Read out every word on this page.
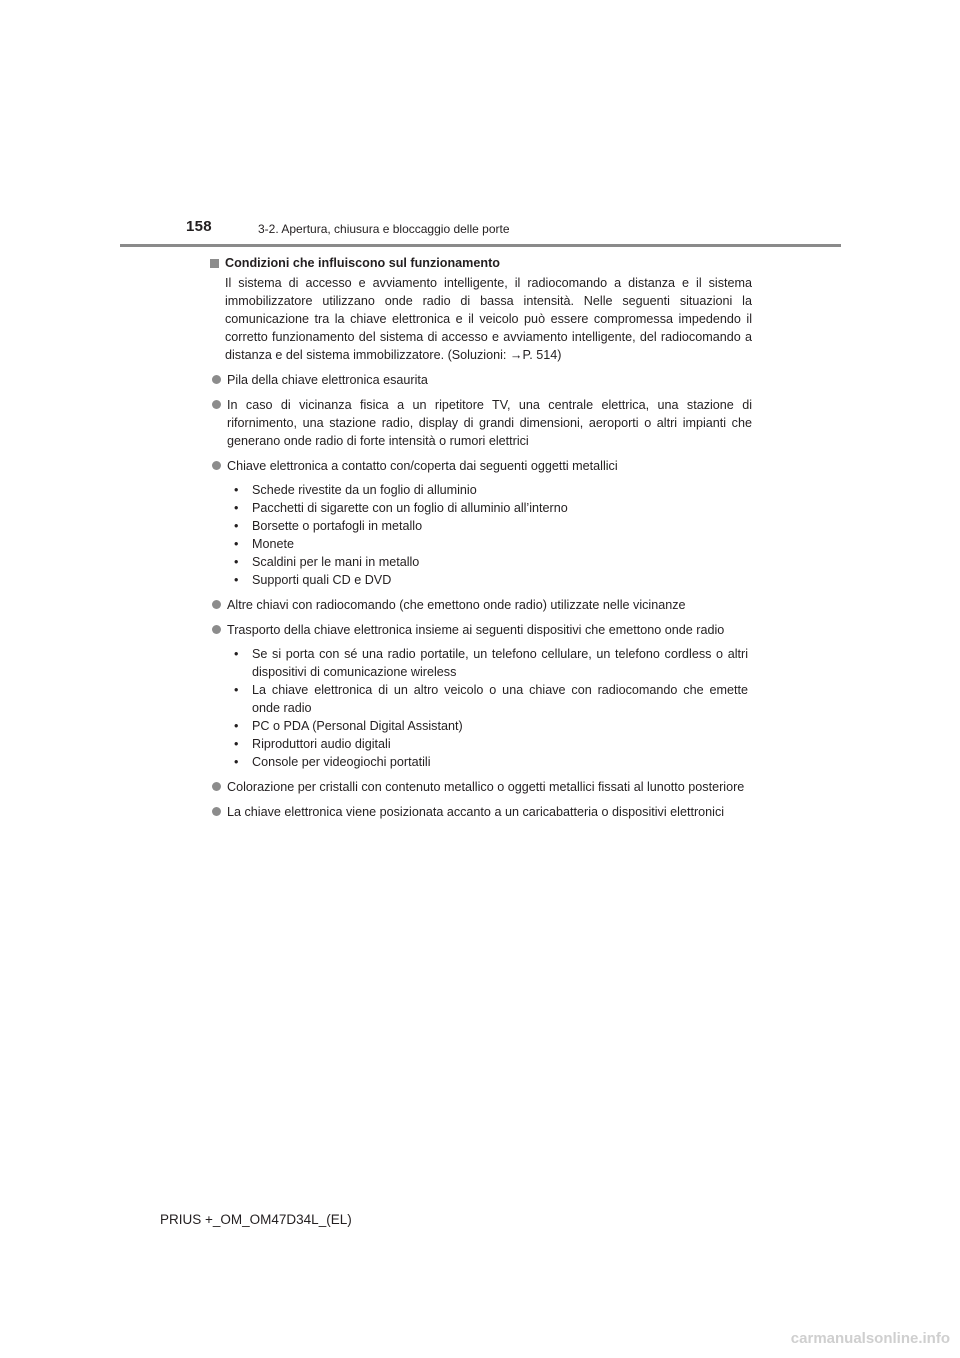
158	3-2. Apertura, chiusura e bloccaggio delle porte
Condizioni che influiscono sul funzionamento
Il sistema di accesso e avviamento intelligente, il radiocomando a distanza e il sistema immobilizzatore utilizzano onde radio di bassa intensità. Nelle seguenti situazioni la comunicazione tra la chiave elettronica e il veicolo può essere compromessa impedendo il corretto funzionamento del sistema di accesso e avviamento intelligente, del radiocomando a distanza e del sistema immobilizzatore. (Soluzioni: →P. 514)
Pila della chiave elettronica esaurita
In caso di vicinanza fisica a un ripetitore TV, una centrale elettrica, una stazione di rifornimento, una stazione radio, display di grandi dimensioni, aeroporti o altri impianti che generano onde radio di forte intensità o rumori elettrici
Chiave elettronica a contatto con/coperta dai seguenti oggetti metallici
•	Schede rivestite da un foglio di alluminio
•	Pacchetti di sigarette con un foglio di alluminio all’interno
•	Borsette o portafogli in metallo
•	Monete
•	Scaldini per le mani in metallo
•	Supporti quali CD e DVD
Altre chiavi con radiocomando (che emettono onde radio) utilizzate nelle vicinanze
Trasporto della chiave elettronica insieme ai seguenti dispositivi che emettono onde radio
•	Se si porta con sé una radio portatile, un telefono cellulare, un telefono cordless o altri dispositivi di comunicazione wireless
•	La chiave elettronica di un altro veicolo o una chiave con radiocomando che emette onde radio
•	PC o PDA (Personal Digital Assistant)
•	Riproduttori audio digitali
•	Console per videogiochi portatili
Colorazione per cristalli con contenuto metallico o oggetti metallici fissati al lunotto posteriore
La chiave elettronica viene posizionata accanto a un caricabatteria o dispositivi elettronici
PRIUS +_OM_OM47D34L_(EL)
carmanualsonline.info
